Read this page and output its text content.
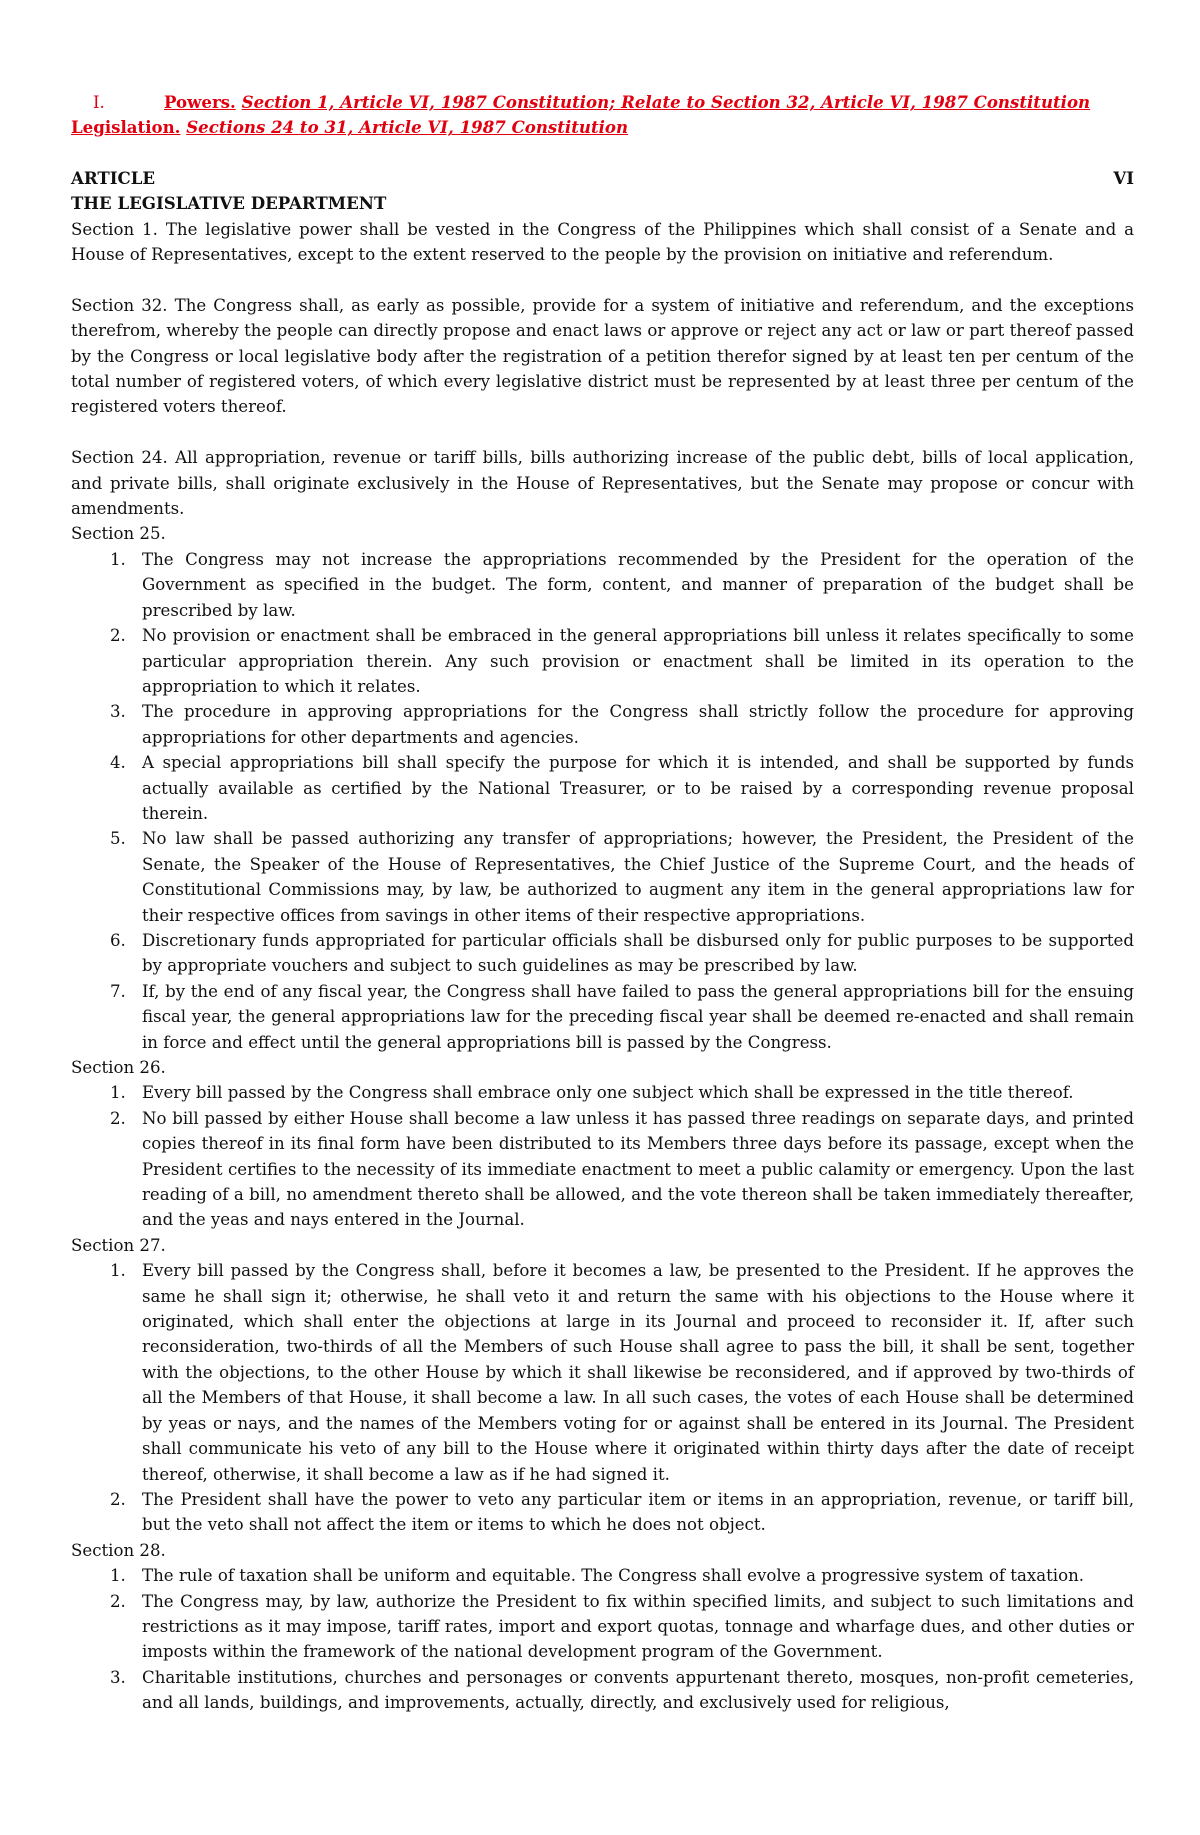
I.	Powers. Section 1, Article VI, 1987 Constitution; Relate to Section 32, Article VI, 1987 Constitution
Legislation. Sections 24 to 31, Article VI, 1987 Constitution
ARTICLE	VI
THE LEGISLATIVE DEPARTMENT

Section 1. The legislative power shall be vested in the Congress of the Philippines which shall consist of a Senate and a House of Representatives, except to the extent reserved to the people by the provision on initiative and referendum.

Section 32. The Congress shall, as early as possible, provide for a system of initiative and referendum, and the exceptions therefrom, whereby the people can directly propose and enact laws or approve or reject any act or law or part thereof passed by the Congress or local legislative body after the registration of a petition therefor signed by at least ten per centum of the total number of registered voters, of which every legislative district must be represented by at least three per centum of the registered voters thereof.

Section 24. All appropriation, revenue or tariff bills, bills authorizing increase of the public debt, bills of local application, and private bills, shall originate exclusively in the House of Representatives, but the Senate may propose or concur with amendments.

Section 25.
1. The Congress may not increase the appropriations recommended by the President for the operation of the Government as specified in the budget. The form, content, and manner of preparation of the budget shall be prescribed by law.
2. No provision or enactment shall be embraced in the general appropriations bill unless it relates specifically to some particular appropriation therein. Any such provision or enactment shall be limited in its operation to the appropriation to which it relates.
3. The procedure in approving appropriations for the Congress shall strictly follow the procedure for approving appropriations for other departments and agencies.
4. A special appropriations bill shall specify the purpose for which it is intended, and shall be supported by funds actually available as certified by the National Treasurer, or to be raised by a corresponding revenue proposal therein.
5. No law shall be passed authorizing any transfer of appropriations; however, the President, the President of the Senate, the Speaker of the House of Representatives, the Chief Justice of the Supreme Court, and the heads of Constitutional Commissions may, by law, be authorized to augment any item in the general appropriations law for their respective offices from savings in other items of their respective appropriations.
6. Discretionary funds appropriated for particular officials shall be disbursed only for public purposes to be supported by appropriate vouchers and subject to such guidelines as may be prescribed by law.
7. If, by the end of any fiscal year, the Congress shall have failed to pass the general appropriations bill for the ensuing fiscal year, the general appropriations law for the preceding fiscal year shall be deemed re-enacted and shall remain in force and effect until the general appropriations bill is passed by the Congress.
Section 26.
1. Every bill passed by the Congress shall embrace only one subject which shall be expressed in the title thereof.
2. No bill passed by either House shall become a law unless it has passed three readings on separate days, and printed copies thereof in its final form have been distributed to its Members three days before its passage, except when the President certifies to the necessity of its immediate enactment to meet a public calamity or emergency. Upon the last reading of a bill, no amendment thereto shall be allowed, and the vote thereon shall be taken immediately thereafter, and the yeas and nays entered in the Journal.
Section 27.
1. Every bill passed by the Congress shall, before it becomes a law, be presented to the President. If he approves the same he shall sign it; otherwise, he shall veto it and return the same with his objections to the House where it originated, which shall enter the objections at large in its Journal and proceed to reconsider it. If, after such reconsideration, two-thirds of all the Members of such House shall agree to pass the bill, it shall be sent, together with the objections, to the other House by which it shall likewise be reconsidered, and if approved by two-thirds of all the Members of that House, it shall become a law. In all such cases, the votes of each House shall be determined by yeas or nays, and the names of the Members voting for or against shall be entered in its Journal. The President shall communicate his veto of any bill to the House where it originated within thirty days after the date of receipt thereof, otherwise, it shall become a law as if he had signed it.
2. The President shall have the power to veto any particular item or items in an appropriation, revenue, or tariff bill, but the veto shall not affect the item or items to which he does not object.
Section 28.
1. The rule of taxation shall be uniform and equitable. The Congress shall evolve a progressive system of taxation.
2. The Congress may, by law, authorize the President to fix within specified limits, and subject to such limitations and restrictions as it may impose, tariff rates, import and export quotas, tonnage and wharfage dues, and other duties or imposts within the framework of the national development program of the Government.
3. Charitable institutions, churches and personages or convents appurtenant thereto, mosques, non-profit cemeteries, and all lands, buildings, and improvements, actually, directly, and exclusively used for religious,
